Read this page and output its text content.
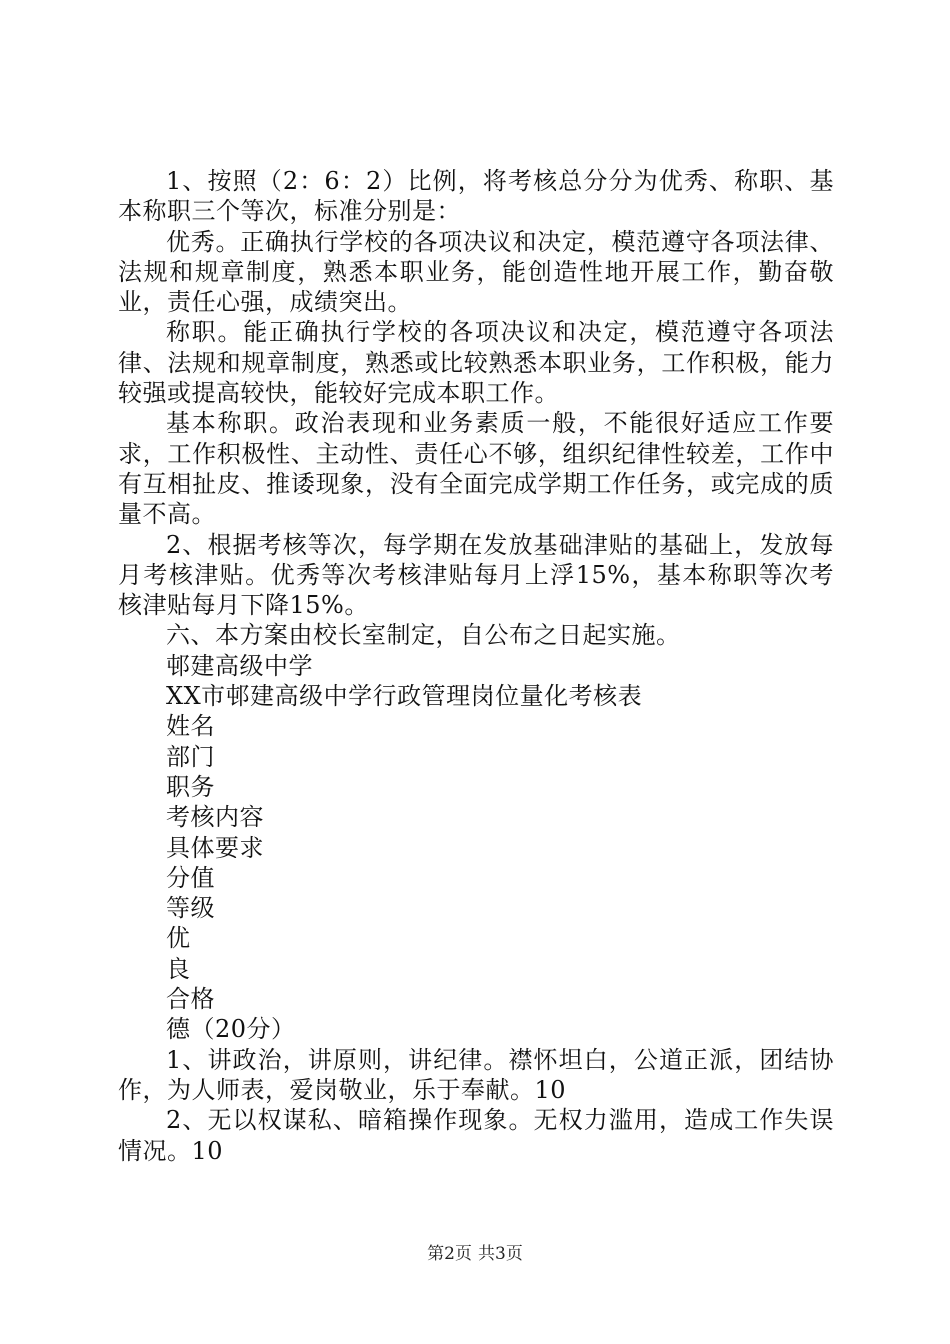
1、按照（2：6：2）比例，将考核总分分为优秀、称职、基本称职三个等次，标准分别是：

优秀。正确执行学校的各项决议和决定，模范遵守各项法律、法规和规章制度，熟悉本职业务，能创造性地开展工作，勤奋敬业，责任心强，成绩突出。

称职。能正确执行学校的各项决议和决定，模范遵守各项法律、法规和规章制度，熟悉或比较熟悉本职业务，工作积极，能力较强或提高较快，能较好完成本职工作。

基本称职。政治表现和业务素质一般，不能很好适应工作要求，工作积极性、主动性、责任心不够，组织纪律性较差，工作中有互相扯皮、推诿现象，没有全面完成学期工作任务，或完成的质量不高。

2、根据考核等次，每学期在发放基础津贴的基础上，发放每月考核津贴。优秀等次考核津贴每月上浮15%，基本称职等次考核津贴每月下降15%。

六、本方案由校长室制定，自公布之日起实施。

邨建高级中学

XX市邨建高级中学行政管理岗位量化考核表

姓名

部门

职务

考核内容

具体要求

分值

等级

优

良

合格

德（20分）

1、讲政治，讲原则，讲纪律。襟怀坦白，公道正派，团结协作，为人师表，爱岗敬业，乐于奉献。10

2、无以权谋私、暗箱操作现象。无权力滥用，造成工作失误情况。10

第2页 共3页
